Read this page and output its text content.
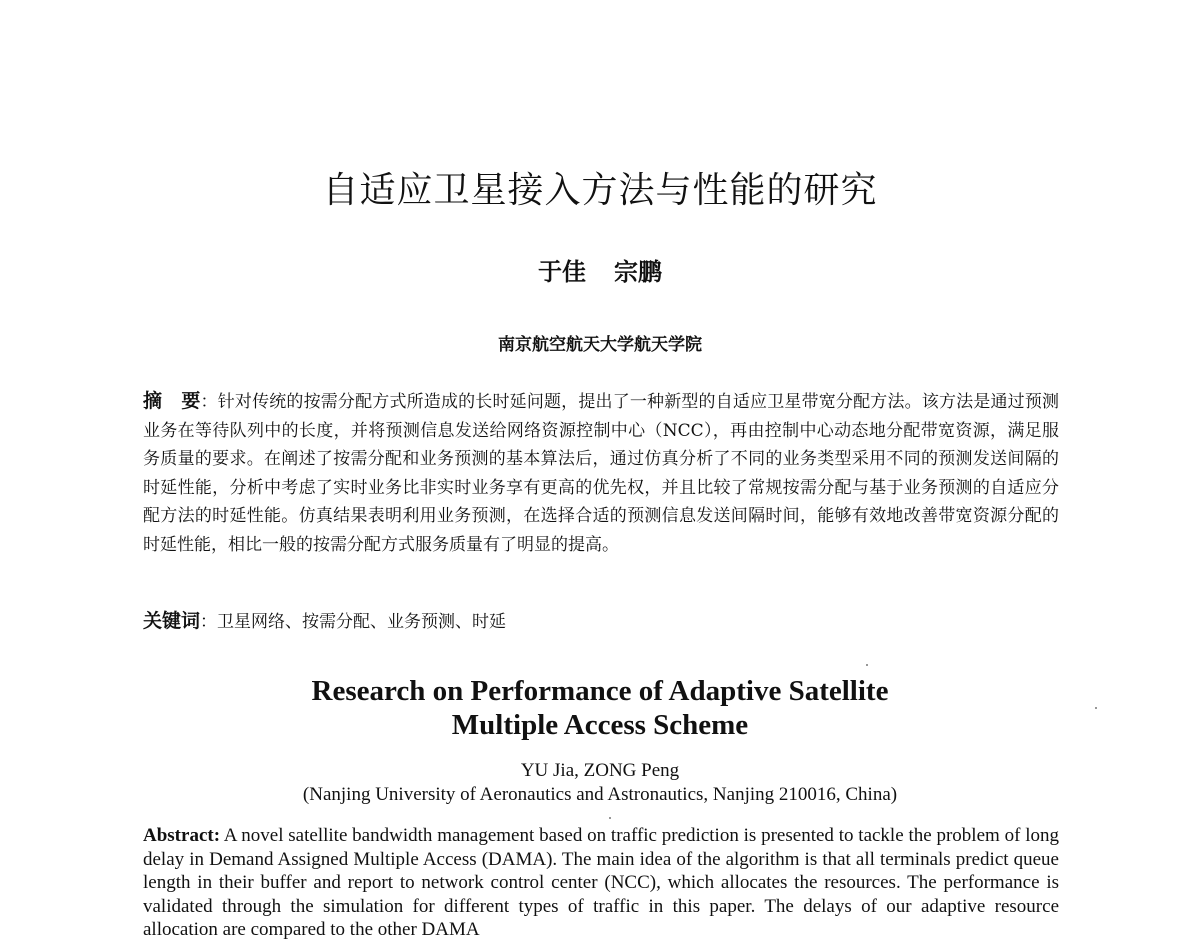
自适应卫星接入方法与性能的研究
于佳 宗鹏
南京航空航天大学航天学院
摘　要：针对传统的按需分配方式所造成的长时延问题，提出了一种新型的自适应卫星带宽分配方法。该方法是通过预测业务在等待队列中的长度，并将预测信息发送给网络资源控制中心（NCC），再由控制中心动态地分配带宽资源，满足服务质量的要求。在阐述了按需分配和业务预测的基本算法后，通过仿真分析了不同的业务类型采用不同的预测发送间隔的时延性能，分析中考虑了实时业务比非实时业务享有更高的优先权，并且比较了常规按需分配与基于业务预测的自适应分配方法的时延性能。仿真结果表明利用业务预测，在选择合适的预测信息发送间隔时间，能够有效地改善带宽资源分配的时延性能，相比一般的按需分配方式服务质量有了明显的提高。
关键词：卫星网络、按需分配、业务预测、时延
Research on Performance of Adaptive Satellite
Multiple Access Scheme
YU Jia, ZONG Peng
(Nanjing University of Aeronautics and Astronautics, Nanjing 210016, China)
Abstract: A novel satellite bandwidth management based on traffic prediction is presented to tackle the problem of long delay in Demand Assigned Multiple Access (DAMA). The main idea of the algorithm is that all terminals predict queue length in their buffer and report to network control center (NCC), which allocates the resources. The performance is validated through the simulation for different types of traffic in this paper. The delays of our adaptive resource allocation are compared to the other DAMA
